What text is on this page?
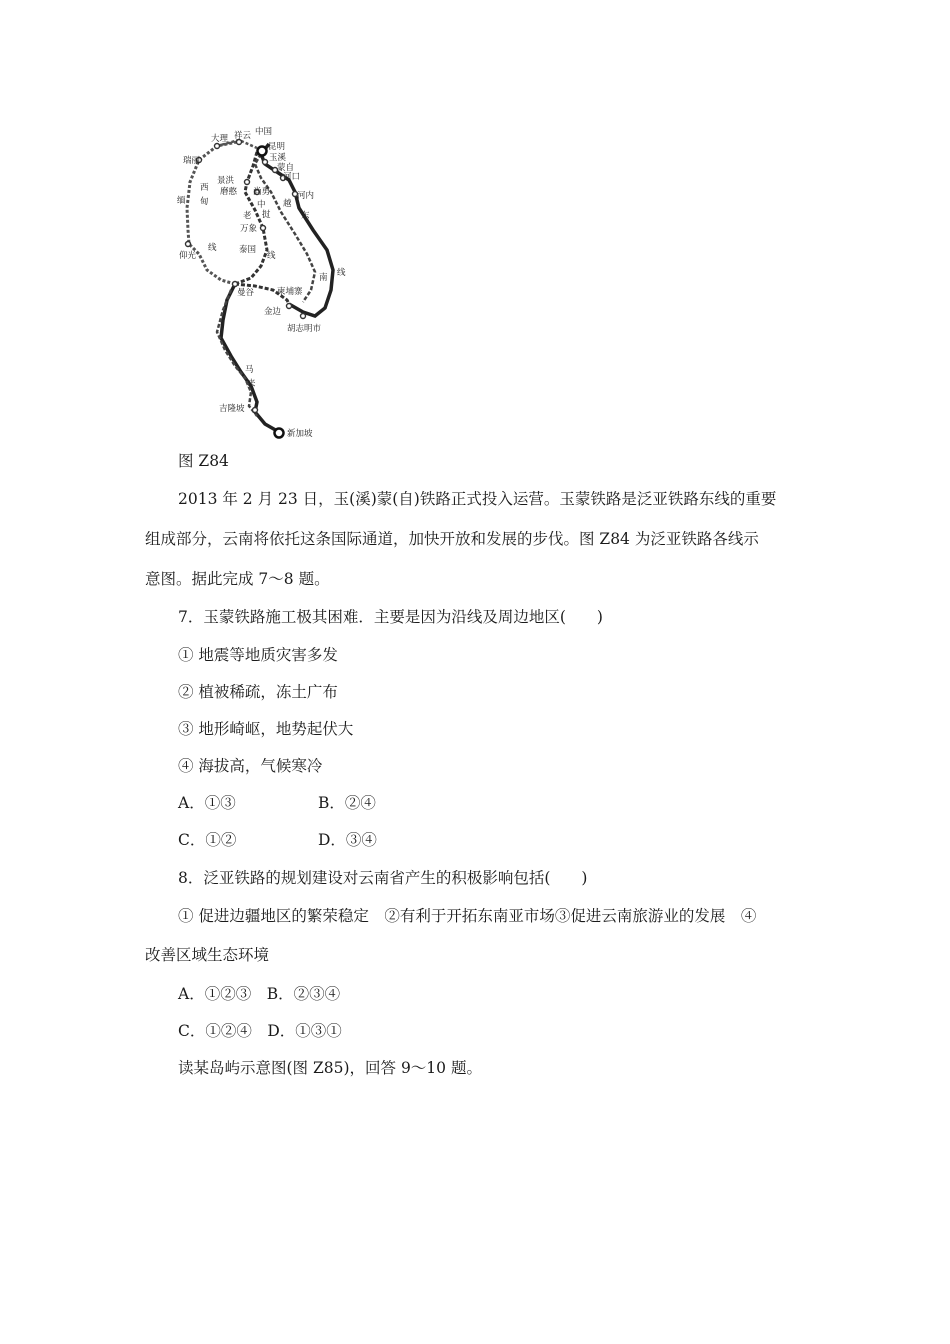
中国
大理 祥云
昆明
瑞丽	玉溪
蒙自
河口
景洪
磨憨 尚勇	河内
西
缅 甸	中
老 挝
越
东
万象
泰国
线
线
仰光
南 线
曼谷	柬埔寨
金边
胡志明市
马
来
吉隆坡
新加坡
图 Z84
2013 年 2 月 23 日，玉(溪)蒙(自)铁路正式投入运营。玉蒙铁路是泛亚铁路东线的重要
组成部分，云南将依托这条国际通道，加快开放和发展的步伐。图 Z84 为泛亚铁路各线示
意图。据此完成 7～8 题。
7．玉蒙铁路施工极其困难．主要是因为沿线及周边地区(　　)
① 地震等地质灾害多发
② 植被稀疏，冻土广布
③ 地形崎岖，地势起伏大
④ 海拔高，气候寒冷
A．①③	B．②④
C．①②	D．③④
8．泛亚铁路的规划建设对云南省产生的积极影响包括(　　)
① 促进边疆地区的繁荣稳定　②有利于开拓东南亚市场③促进云南旅游业的发展　④
改善区域生态环境
A．①②③　B．②③④
C．①②④　D．①③①
读某岛屿示意图(图 Z85)，回答 9～10 题。
